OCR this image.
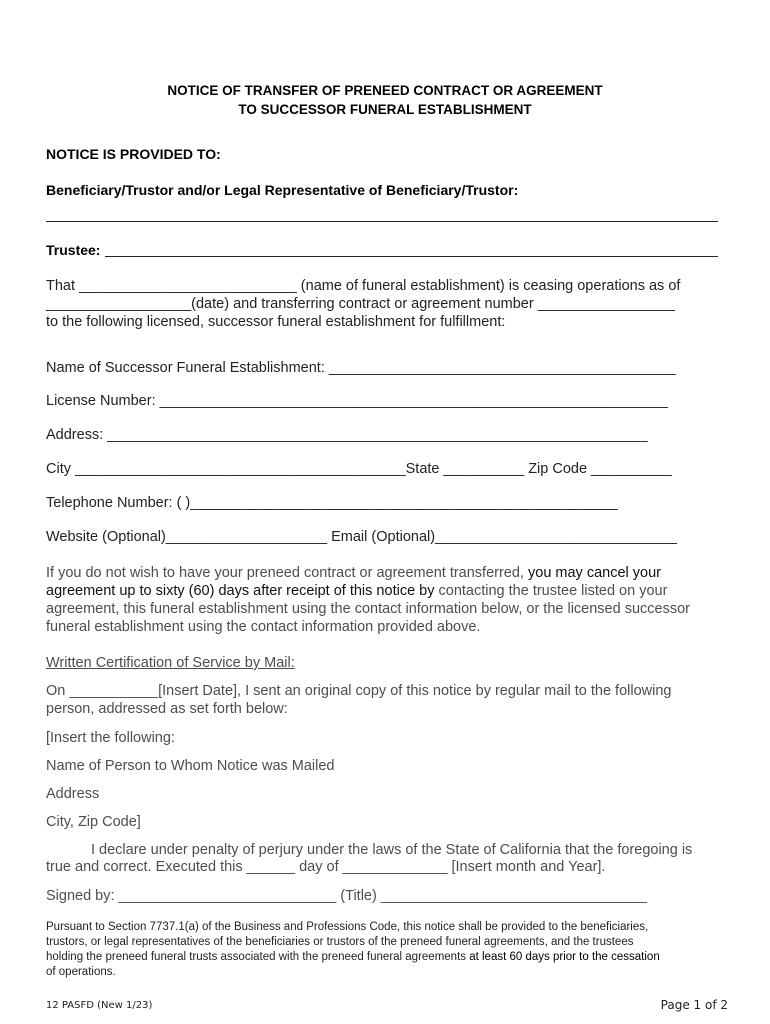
NOTICE OF TRANSFER OF PRENEED CONTRACT OR AGREEMENT
TO SUCCESSOR FUNERAL ESTABLISHMENT
NOTICE IS PROVIDED TO:
Beneficiary/Trustor and/or Legal Representative of Beneficiary/Trustor:
Trustee:
That ___________________________ (name of funeral establishment) is ceasing operations as of
__________________(date) and transferring contract or agreement number _________________
to the following licensed, successor funeral establishment for fulfillment:
Name of Successor Funeral Establishment: ___________________________________________
License Number: _______________________________________________________________
Address: ___________________________________________________________________
City _________________________________________State __________ Zip Code __________
Telephone Number: ( )_____________________________________________________
Website (Optional)____________________ Email (Optional)______________________________
If you do not wish to have your preneed contract or agreement transferred, you may cancel your
agreement up to sixty (60) days after receipt of this notice by contacting the trustee listed on your
agreement, this funeral establishment using the contact information below, or the licensed successor
funeral establishment using the contact information provided above.
Written Certification of Service by Mail:
On ___________[Insert Date], I sent an original copy of this notice by regular mail to the following
person, addressed as set forth below:
[Insert the following:
Name of Person to Whom Notice was Mailed
Address
City, Zip Code]
I declare under penalty of perjury under the laws of the State of California that the foregoing is
true and correct. Executed this ______ day of _____________ [Insert month and Year].
Signed by: ___________________________ (Title) _________________________________
Pursuant to Section 7737.1(a) of the Business and Professions Code, this notice shall be provided to the beneficiaries,
trustors, or legal representatives of the beneficiaries or trustors of the preneed funeral agreements, and the trustees
holding the preneed funeral trusts associated with the preneed funeral agreements at least 60 days prior to the cessation
of operations.
12 PASFD (New 1/23)	Page 1 of 2
